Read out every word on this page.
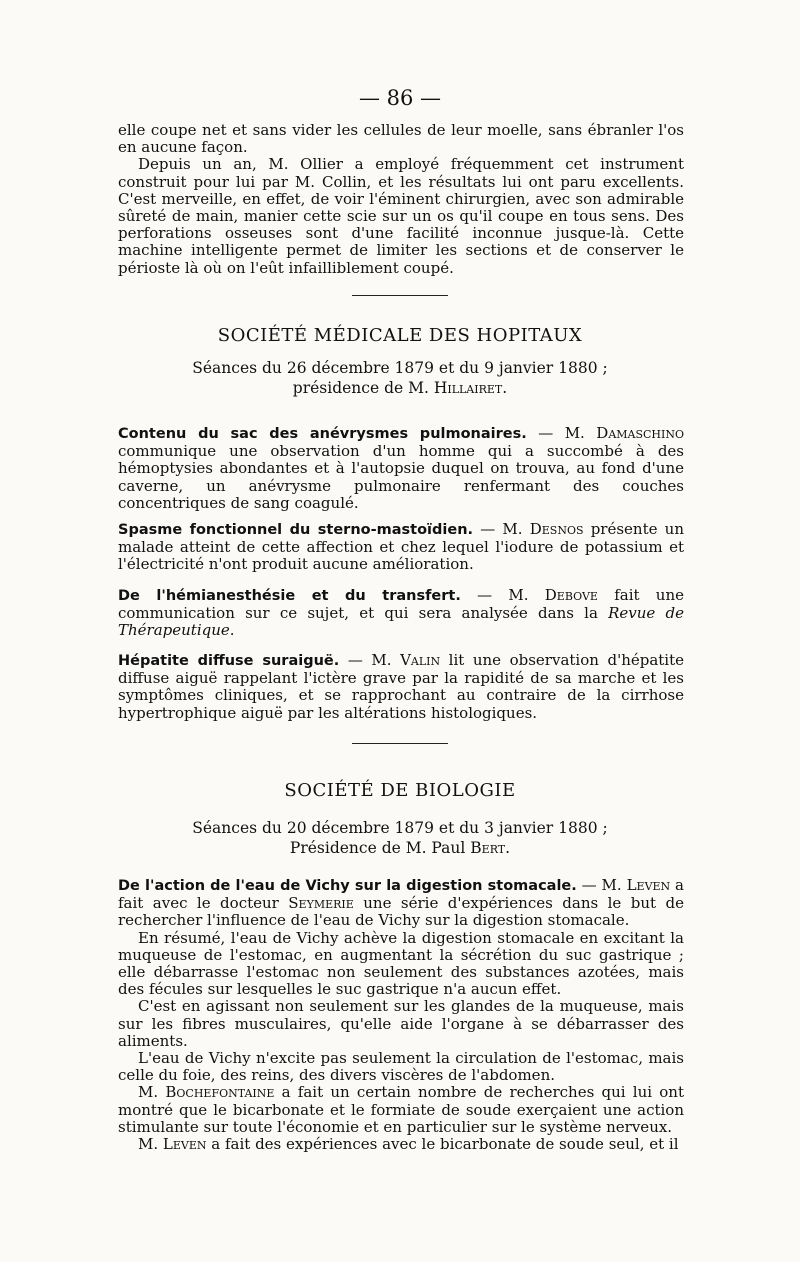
— 86 —

elle coupe net et sans vider les cellules de leur moelle, sans ébranler l'os en aucune façon.

Depuis un an, M. Ollier a employé fréquemment cet instrument construit pour lui par M. Collin, et les résultats lui ont paru excellents. C'est merveille, en effet, de voir l'éminent chirurgien, avec son admirable sûreté de main, manier cette scie sur un os qu'il coupe en tous sens. Des perforations osseuses sont d'une facilité inconnue jusque-là. Cette machine intelligente permet de limiter les sections et de conserver le périoste là où on l'eût infailliblement coupé.

SOCIÉTÉ MÉDICALE DES HOPITAUX
Séances du 26 décembre 1879 et du 9 janvier 1880 ;
présidence de M. Hillairet.
Contenu du sac des anévrysmes pulmonaires. — M. Damaschino communique une observation d'un homme qui a succombé à des hémoptysies abondantes et à l'autopsie duquel on trouva, au fond d'une caverne, un anévrysme pulmonaire renfermant des couches concentriques de sang coagulé.
Spasme fonctionnel du sterno-mastoïdien. — M. Desnos présente un malade atteint de cette affection et chez lequel l'iodure de potassium et l'électricité n'ont produit aucune amélioration.
De l'hémianesthésie et du transfert. — M. Debove fait une communication sur ce sujet, et qui sera analysée dans la Revue de Thérapeutique.
Hépatite diffuse suraiguë. — M. Valin lit une observation d'hépatite diffuse aiguë rappelant l'ictère grave par la rapidité de sa marche et les symptômes cliniques, et se rapprochant au contraire de la cirrhose hypertrophique aiguë par les altérations histologiques.
SOCIÉTÉ DE BIOLOGIE
Séances du 20 décembre 1879 et du 3 janvier 1880 ;
Présidence de M. Paul Bert.

De l'action de l'eau de Vichy sur la digestion stomacale. — M. Leven a fait avec le docteur Seymerie une série d'expériences dans le but de rechercher l'influence de l'eau de Vichy sur la digestion stomacale.

En résumé, l'eau de Vichy achève la digestion stomacale en excitant la muqueuse de l'estomac, en augmentant la sécrétion du suc gastrique ; elle débarrasse l'estomac non seulement des substances azotées, mais des fécules sur lesquelles le suc gastrique n'a aucun effet.

C'est en agissant non seulement sur les glandes de la muqueuse, mais sur les fibres musculaires, qu'elle aide l'organe à se débarrasser des aliments.

L'eau de Vichy n'excite pas seulement la circulation de l'estomac, mais celle du foie, des reins, des divers viscères de l'abdomen.

M. Bochefontaine a fait un certain nombre de recherches qui lui ont montré que le bicarbonate et le formiate de soude exerçaient une action stimulante sur toute l'économie et en particulier sur le système nerveux.

M. Leven a fait des expériences avec le bicarbonate de soude seul, et il
